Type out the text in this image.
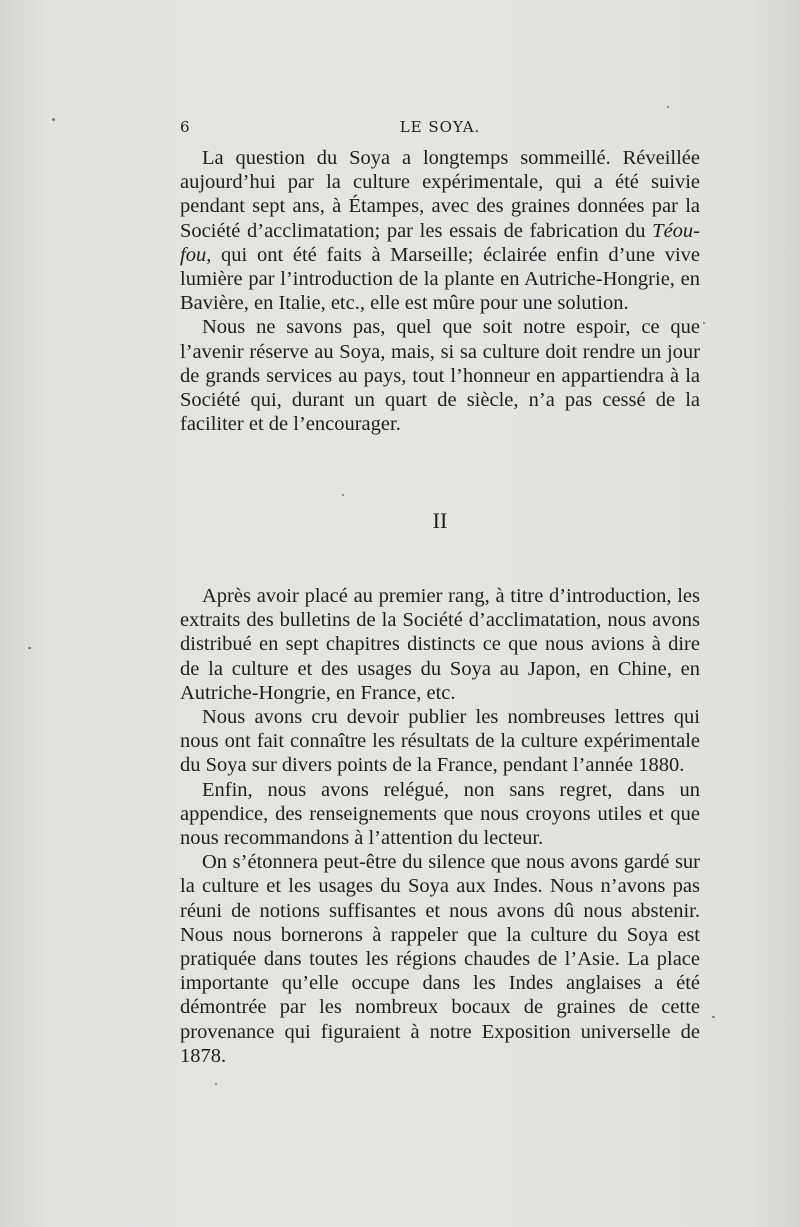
6	LE SOYA.

La question du Soya a longtemps sommeillé. Réveillée aujourd’hui par la culture expérimentale, qui a été suivie pendant sept ans, à Étampes, avec des graines données par la Société d’acclimatation; par les essais de fabrication du Téou-fou, qui ont été faits à Marseille; éclairée enfin d’une vive lumière par l’introduction de la plante en Autriche-Hongrie, en Bavière, en Italie, etc., elle est mûre pour une solution.

Nous ne savons pas, quel que soit notre espoir, ce que l’avenir réserve au Soya, mais, si sa culture doit rendre un jour de grands services au pays, tout l’honneur en appartiendra à la Société qui, durant un quart de siècle, n’a pas cessé de la faciliter et de l’encourager.

II

Après avoir placé au premier rang, à titre d’introduction, les extraits des bulletins de la Société d’acclimatation, nous avons distribué en sept chapitres distincts ce que nous avions à dire de la culture et des usages du Soya au Japon, en Chine, en Autriche-Hongrie, en France, etc.

Nous avons cru devoir publier les nombreuses lettres qui nous ont fait connaître les résultats de la culture expérimentale du Soya sur divers points de la France, pendant l’année 1880.

Enfin, nous avons relégué, non sans regret, dans un appendice, des renseignements que nous croyons utiles et que nous recommandons à l’attention du lecteur.

On s’étonnera peut-être du silence que nous avons gardé sur la culture et les usages du Soya aux Indes. Nous n’avons pas réuni de notions suffisantes et nous avons dû nous abstenir. Nous nous bornerons à rappeler que la culture du Soya est pratiquée dans toutes les régions chaudes de l’Asie. La place importante qu’elle occupe dans les Indes anglaises a été démontrée par les nombreux bocaux de graines de cette provenance qui figuraient à notre Exposition universelle de 1878.
